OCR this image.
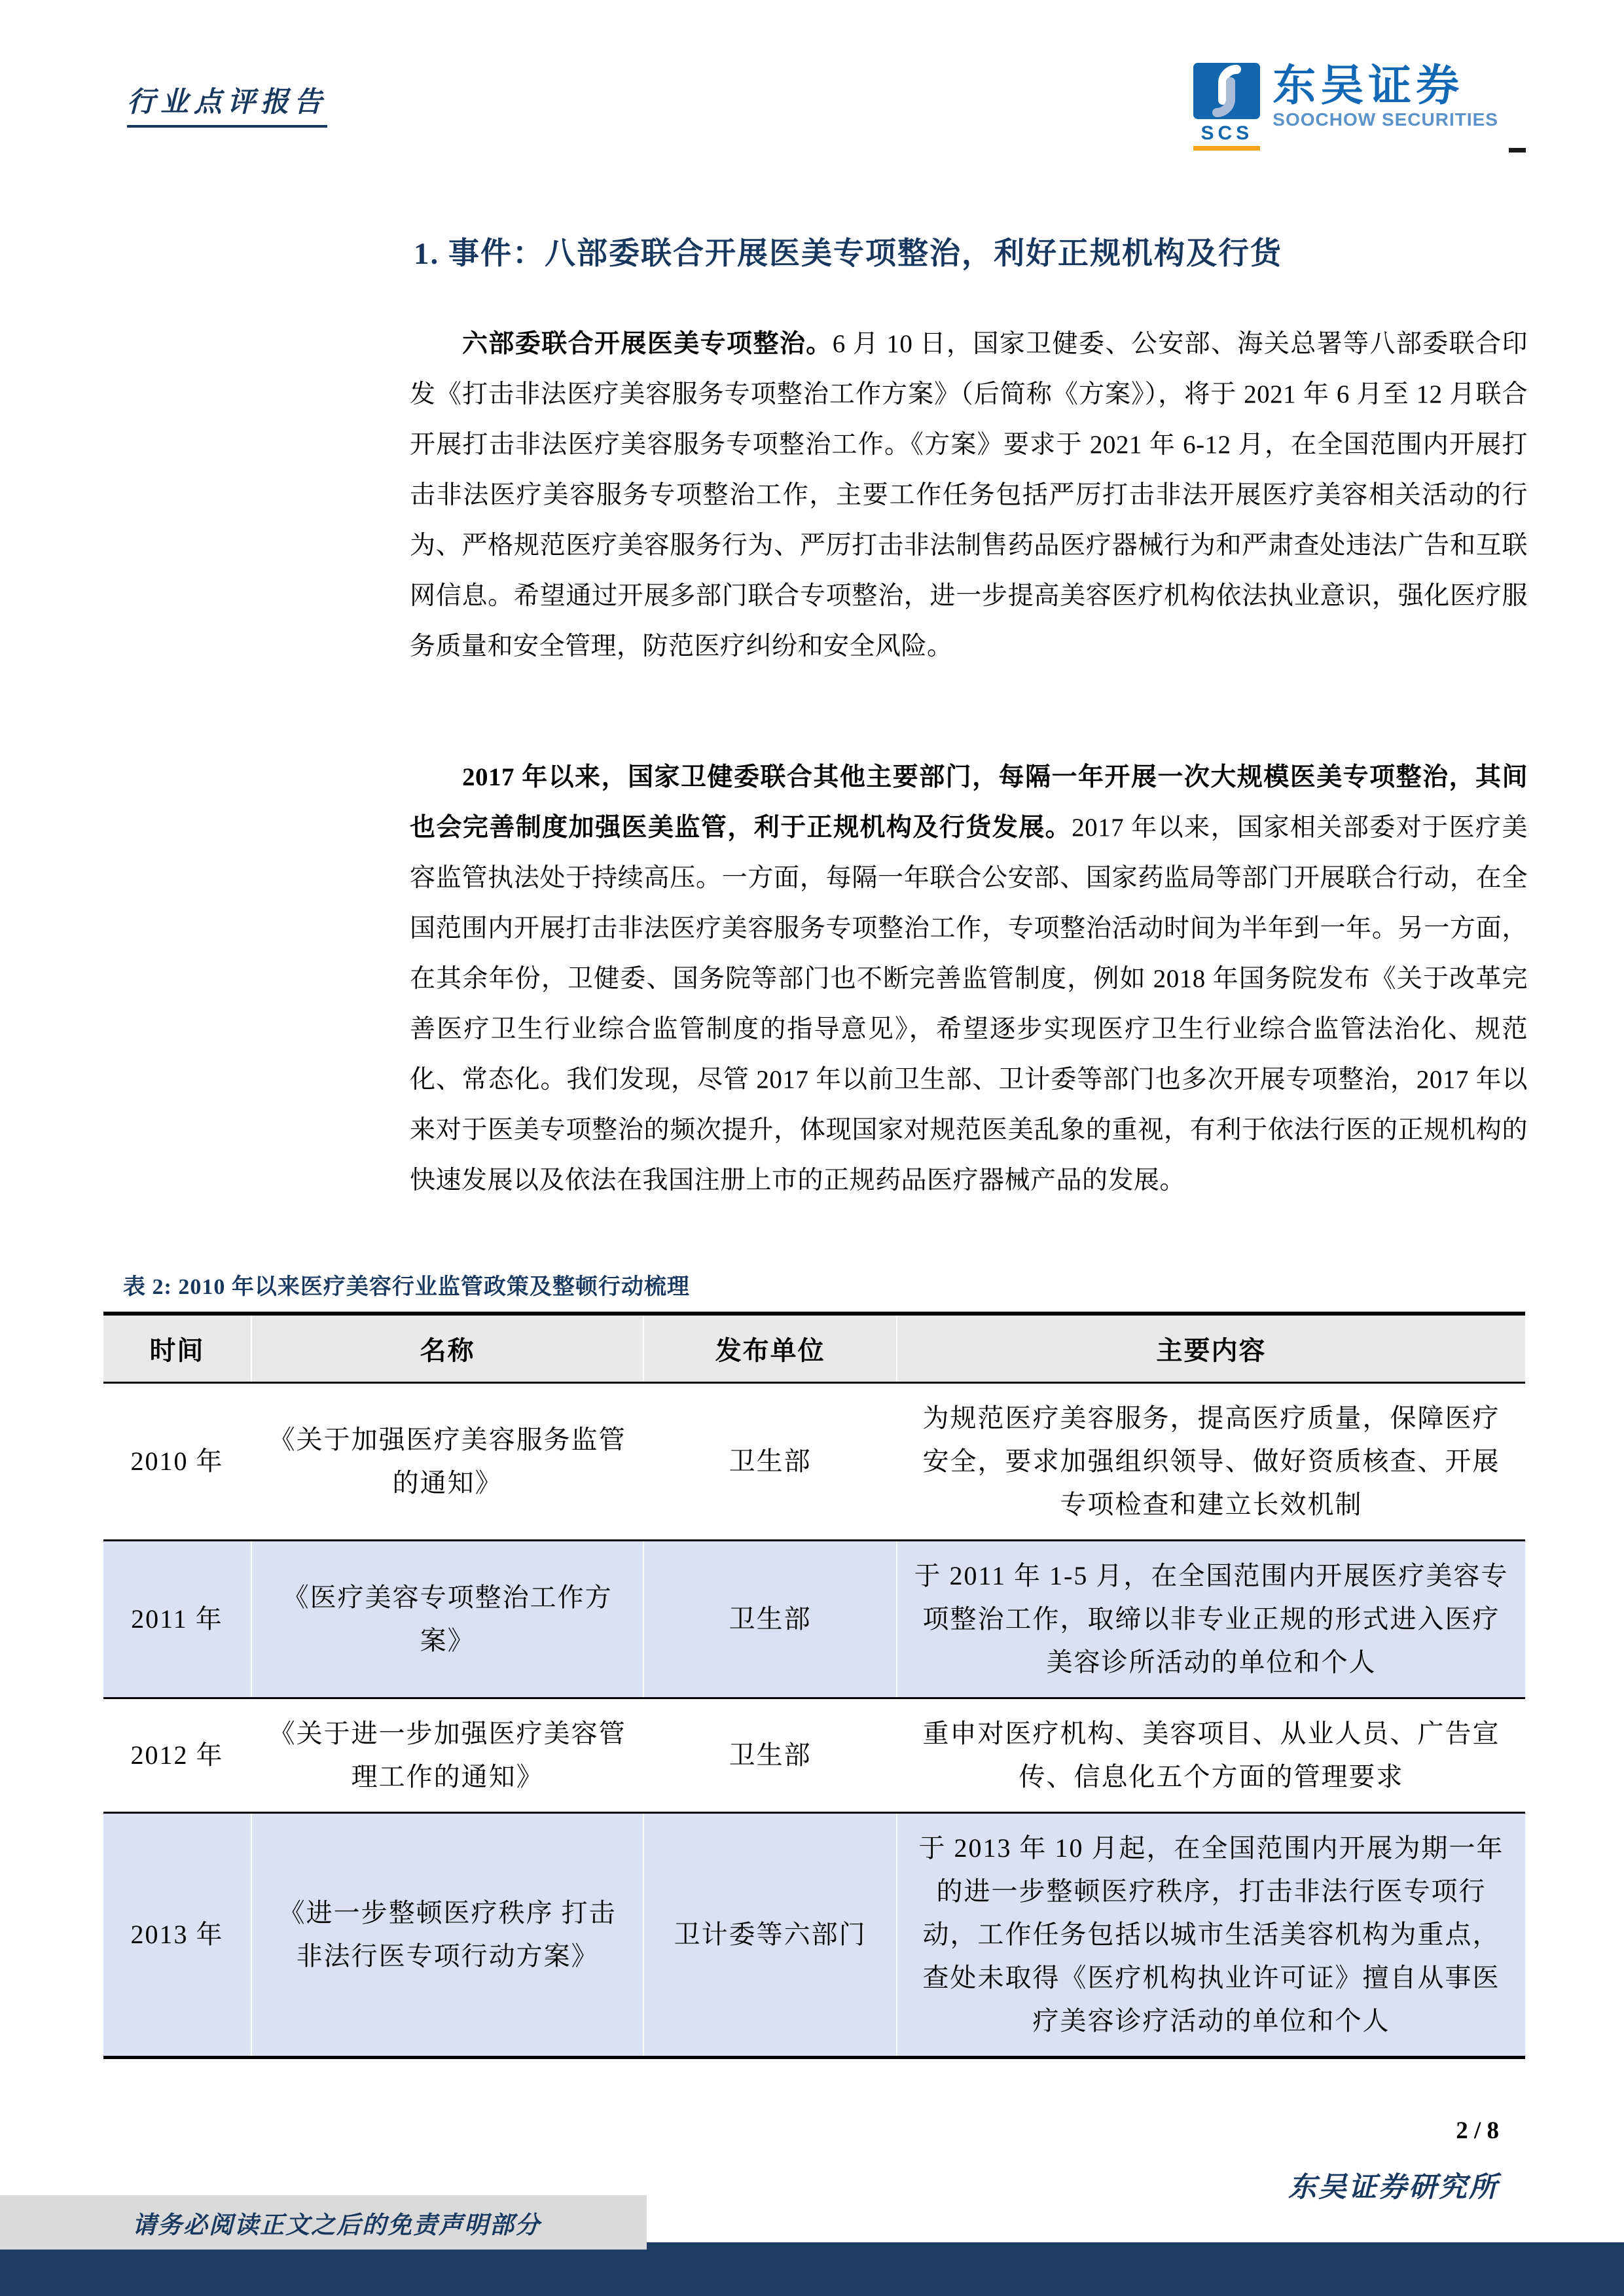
行业点评报告
SCS
东吴证券
SOOCHOW SECURITIES
1. 事件：八部委联合开展医美专项整治，利好正规机构及行货
六部委联合开展医美专项整治。6 月 10 日，国家卫健委、公安部、海关总署等八部委联合印发《打击非法医疗美容服务专项整治工作方案》（后简称《方案》），将于 2021 年 6 月至 12 月联合开展打击非法医疗美容服务专项整治工作。《方案》要求于 2021 年 6-12 月，在全国范围内开展打击非法医疗美容服务专项整治工作，主要工作任务包括严厉打击非法开展医疗美容相关活动的行为、严格规范医疗美容服务行为、严厉打击非法制售药品医疗器械行为和严肃查处违法广告和互联网信息。希望通过开展多部门联合专项整治，进一步提高美容医疗机构依法执业意识，强化医疗服务质量和安全管理，防范医疗纠纷和安全风险。
2017 年以来，国家卫健委联合其他主要部门，每隔一年开展一次大规模医美专项整治，其间也会完善制度加强医美监管，利于正规机构及行货发展。2017 年以来，国家相关部委对于医疗美容监管执法处于持续高压。一方面，每隔一年联合公安部、国家药监局等部门开展联合行动，在全国范围内开展打击非法医疗美容服务专项整治工作，专项整治活动时间为半年到一年。另一方面，在其余年份，卫健委、国务院等部门也不断完善监管制度，例如 2018 年国务院发布《关于改革完善医疗卫生行业综合监管制度的指导意见》，希望逐步实现医疗卫生行业综合监管法治化、规范化、常态化。我们发现，尽管 2017 年以前卫生部、卫计委等部门也多次开展专项整治，2017 年以来对于医美专项整治的频次提升，体现国家对规范医美乱象的重视，有利于依法行医的正规机构的快速发展以及依法在我国注册上市的正规药品医疗器械产品的发展。
表 2: 2010 年以来医疗美容行业监管政策及整顿行动梳理
时间	名称	发布单位	主要内容
2010 年	《关于加强医疗美容服务监管的通知》	卫生部	为规范医疗美容服务，提高医疗质量，保障医疗安全，要求加强组织领导、做好资质核查、开展专项检查和建立长效机制
2011 年	《医疗美容专项整治工作方案》	卫生部	于 2011 年 1-5 月，在全国范围内开展医疗美容专项整治工作，取缔以非专业正规的形式进入医疗美容诊所活动的单位和个人
2012 年	《关于进一步加强医疗美容管理工作的通知》	卫生部	重申对医疗机构、美容项目、从业人员、广告宣传、信息化五个方面的管理要求
2013 年	《进一步整顿医疗秩序 打击非法行医专项行动方案》	卫计委等六部门	于 2013 年 10 月起，在全国范围内开展为期一年的进一步整顿医疗秩序，打击非法行医专项行动，工作任务包括以城市生活美容机构为重点，查处未取得《医疗机构执业许可证》擅自从事医疗美容诊疗活动的单位和个人
2 / 8
东吴证券研究所
请务必阅读正文之后的免责声明部分
